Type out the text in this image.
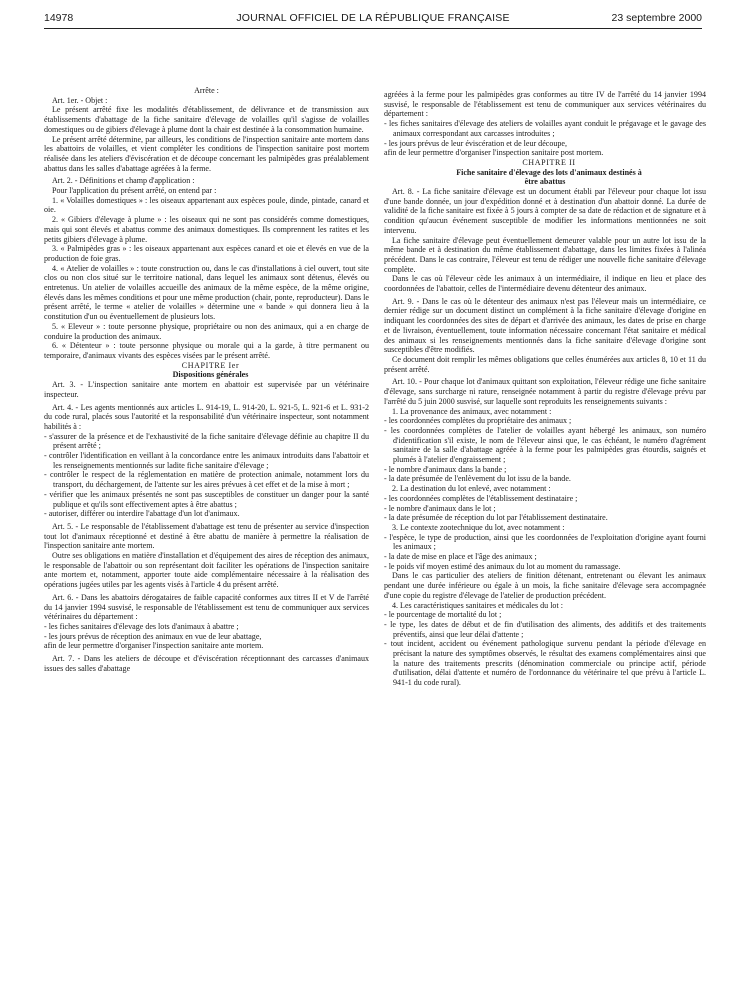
14978	JOURNAL OFFICIEL DE LA RÉPUBLIQUE FRANÇAISE	23 septembre 2000

Arrête :

Art. 1er. - Objet :

Le présent arrêté fixe les modalités d'établissement, de délivrance et de transmission aux établissements d'abattage de la fiche sanitaire d'élevage de volailles qu'il s'agisse de volailles domestiques ou de gibiers d'élevage à plume dont la chair est destinée à la consommation humaine.

Le présent arrêté détermine, par ailleurs, les conditions de l'inspection sanitaire ante mortem dans les abattoirs de volailles, et vient compléter les conditions de l'inspection sanitaire post mortem réalisée dans les ateliers d'éviscération et de découpe concernant les palmipèdes gras préalablement abattus dans les salles d'abattage agréées à la ferme.

Art. 2. - Définitions et champ d'application :

Pour l'application du présent arrêté, on entend par :

1. « Volailles domestiques » : les oiseaux appartenant aux espèces poule, dinde, pintade, canard et oie.

2. « Gibiers d'élevage à plume » : les oiseaux qui ne sont pas considérés comme domestiques, mais qui sont élevés et abattus comme des animaux domestiques. Ils comprennent les ratites et les petits gibiers d'élevage à plume.

3. « Palmipèdes gras » : les oiseaux appartenant aux espèces canard et oie et élevés en vue de la production de foie gras.

4. « Atelier de volailles » : toute construction ou, dans le cas d'installations à ciel ouvert, tout site clos ou non clos situé sur le territoire national, dans lequel les animaux sont détenus, élevés ou entretenus. Un atelier de volailles accueille des animaux de la même espèce, de la même origine, élevés dans les mêmes conditions et pour une même production (chair, ponte, reproducteur). Dans le présent arrêté, le terme « atelier de volailles » détermine une « bande » qui donnera lieu à la constitution d'un ou éventuellement de plusieurs lots.

5. « Eleveur » : toute personne physique, propriétaire ou non des animaux, qui a en charge de conduire la production des animaux.

6. « Détenteur » : toute personne physique ou morale qui a la garde, à titre permanent ou temporaire, d'animaux vivants des espèces visées par le présent arrêté.

CHAPITRE Ier

Dispositions générales

Art. 3. - L'inspection sanitaire ante mortem en abattoir est supervisée par un vétérinaire inspecteur.

Art. 4. - Les agents mentionnés aux articles L. 914-19, L. 914-20, L. 921-5, L. 921-6 et L. 931-2 du code rural, placés sous l'autorité et la responsabilité d'un vétérinaire inspecteur, sont notamment habilités à :

- s'assurer de la présence et de l'exhaustivité de la fiche sanitaire d'élevage définie au chapitre II du présent arrêté ;

- contrôler l'identification en veillant à la concordance entre les animaux introduits dans l'abattoir et les renseignements mentionnés sur ladite fiche sanitaire d'élevage ;

- contrôler le respect de la réglementation en matière de protection animale, notamment lors du transport, du déchargement, de l'attente sur les aires prévues à cet effet et de la mise à mort ;

- vérifier que les animaux présentés ne sont pas susceptibles de constituer un danger pour la santé publique et qu'ils sont effectivement aptes à être abattus ;

- autoriser, différer ou interdire l'abattage d'un lot d'animaux.

Art. 5. - Le responsable de l'établissement d'abattage est tenu de présenter au service d'inspection tout lot d'animaux réceptionné et destiné à être abattu de manière à permettre la réalisation de l'inspection sanitaire ante mortem.

Outre ses obligations en matière d'installation et d'équipement des aires de réception des animaux, le responsable de l'abattoir ou son représentant doit faciliter les opérations de l'inspection sanitaire ante mortem et, notamment, apporter toute aide complémentaire nécessaire à la réalisation des opérations jugées utiles par les agents visés à l'article 4 du présent arrêté.

Art. 6. - Dans les abattoirs dérogataires de faible capacité conformes aux titres II et V de l'arrêté du 14 janvier 1994 susvisé, le responsable de l'établissement est tenu de communiquer aux services vétérinaires du département :

- les fiches sanitaires d'élevage des lots d'animaux à abattre ;

- les jours prévus de réception des animaux en vue de leur abattage,

afin de leur permettre d'organiser l'inspection sanitaire ante mortem.

Art. 7. - Dans les ateliers de découpe et d'éviscération réceptionnant des carcasses d'animaux issues des salles d'abattage

agréées à la ferme pour les palmipèdes gras conformes au titre IV de l'arrêté du 14 janvier 1994 susvisé, le responsable de l'établissement est tenu de communiquer aux services vétérinaires du département :

- les fiches sanitaires d'élevage des ateliers de volailles ayant conduit le prégavage et le gavage des animaux correspondant aux carcasses introduites ;

- les jours prévus de leur éviscération et de leur découpe,

afin de leur permettre d'organiser l'inspection sanitaire post mortem.

CHAPITRE II

Fiche sanitaire d'élevage des lots d'animaux destinés à être abattus

Art. 8. - La fiche sanitaire d'élevage est un document établi par l'éleveur pour chaque lot issu d'une bande donnée, un jour d'expédition donné et à destination d'un abattoir donné. La durée de validité de la fiche sanitaire est fixée à 5 jours à compter de sa date de rédaction et de signature et à condition qu'aucun événement susceptible de modifier les informations mentionnées ne soit intervenu.

La fiche sanitaire d'élevage peut éventuellement demeurer valable pour un autre lot issu de la même bande et à destination du même établissement d'abattage, dans les limites fixées à l'alinéa précédent. Dans le cas contraire, l'éleveur est tenu de rédiger une nouvelle fiche sanitaire d'élevage complète.

Dans le cas où l'éleveur cède les animaux à un intermédiaire, il indique en lieu et place des coordonnées de l'abattoir, celles de l'intermédiaire devenu détenteur des animaux.

Art. 9. - Dans le cas où le détenteur des animaux n'est pas l'éleveur mais un intermédiaire, ce dernier rédige sur un document distinct un complément à la fiche sanitaire d'élevage d'origine en indiquant les coordonnées des sites de départ et d'arrivée des animaux, les dates de prise en charge et de livraison, éventuellement, toute information nécessaire concernant l'état sanitaire et médical des animaux si les renseignements mentionnés dans la fiche sanitaire d'élevage d'origine sont susceptibles d'être modifiés.

Ce document doit remplir les mêmes obligations que celles énumérées aux articles 8, 10 et 11 du présent arrêté.

Art. 10. - Pour chaque lot d'animaux quittant son exploitation, l'éleveur rédige une fiche sanitaire d'élevage, sans surcharge ni rature, renseignée notamment à partir du registre d'élevage prévu par l'arrêté du 5 juin 2000 susvisé, sur laquelle sont reproduits les renseignements suivants :

1. La provenance des animaux, avec notamment :

- les coordonnées complètes du propriétaire des animaux ;

- les coordonnées complètes de l'atelier de volailles ayant hébergé les animaux, son numéro d'identification s'il existe, le nom de l'éleveur ainsi que, le cas échéant, le numéro d'agrément sanitaire de la salle d'abattage agréée à la ferme pour les palmipèdes gras étourdis, saignés et plumés à l'atelier d'engraissement ;

- le nombre d'animaux dans la bande ;

- la date présumée de l'enlèvement du lot issu de la bande.

2. La destination du lot enlevé, avec notamment :

- les coordonnées complètes de l'établissement destinataire ;

- le nombre d'animaux dans le lot ;

- la date présumée de réception du lot par l'établissement destinataire.

3. Le contexte zootechnique du lot, avec notamment :

- l'espèce, le type de production, ainsi que les coordonnées de l'exploitation d'origine ayant fourni les animaux ;

- la date de mise en place et l'âge des animaux ;

- le poids vif moyen estimé des animaux du lot au moment du ramassage.

Dans le cas particulier des ateliers de finition détenant, entretenant ou élevant les animaux pendant une durée inférieure ou égale à un mois, la fiche sanitaire d'élevage sera accompagnée d'une copie du registre d'élevage de l'atelier de production précédent.

4. Les caractéristiques sanitaires et médicales du lot :

- le pourcentage de mortalité du lot ;

- le type, les dates de début et de fin d'utilisation des aliments, des additifs et des traitements préventifs, ainsi que leur délai d'attente ;

- tout incident, accident ou événement pathologique survenu pendant la période d'élevage en précisant la nature des symptômes observés, le résultat des examens complémentaires ainsi que la nature des traitements prescrits (dénomination commerciale ou principe actif, période d'utilisation, délai d'attente et numéro de l'ordonnance du vétérinaire tel que prévu à l'article L. 941-1 du code rural).
